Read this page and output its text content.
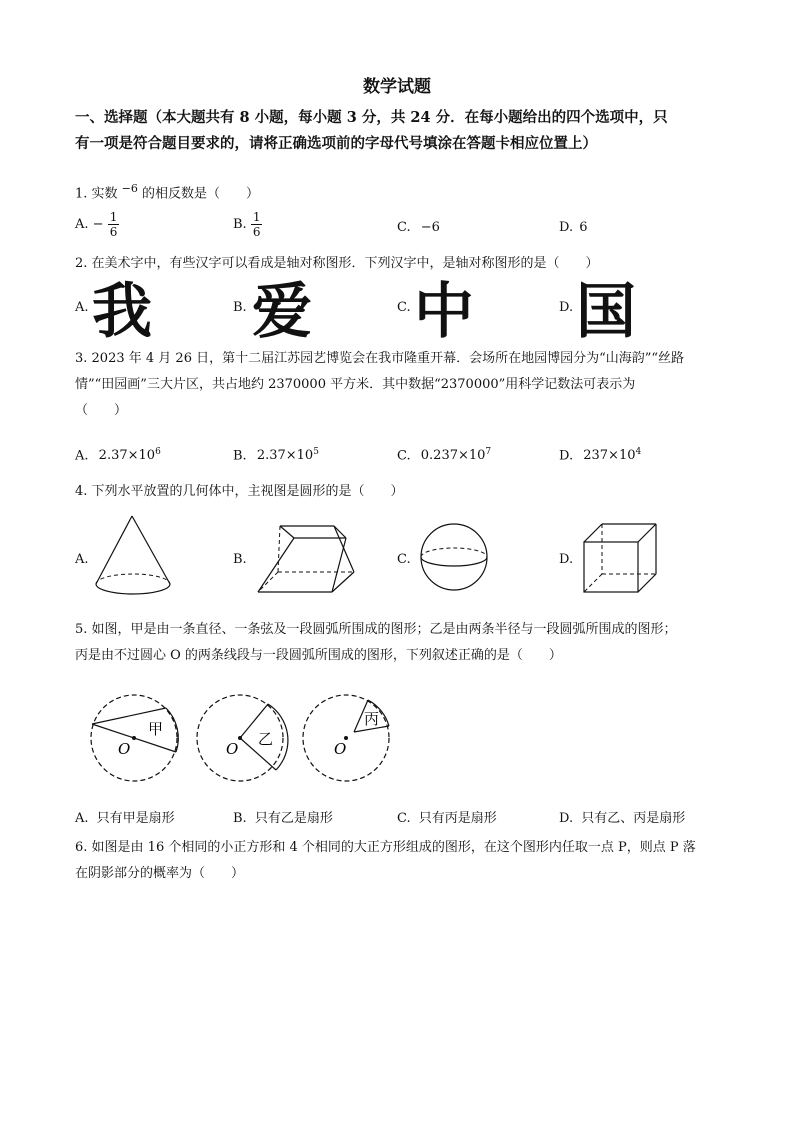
数学试题
一、选择题（本大题共有 8 小题，每小题 3 分，共 24 分．在每小题给出的四个选项中，只
有一项是符合题目要求的，请将正确选项前的字母代号填涂在答题卡相应位置上）
1. 实数 $^{-6}$ 的相反数是（　　）
A. − $\frac{1}{6}$	B. $\frac{1}{6}$	C. −6	D. 6
2. 在美术字中，有些汉字可以看成是轴对称图形．下列汉字中，是轴对称图形的是（　　）
A. 我	B. 爱	C. 中	D. 国
3. 2023 年 4 月 26 日，第十二届江苏园艺博览会在我市隆重开幕．会场所在地园博园分为“山海韵”“丝路
情”“田园画”三大片区，共占地约 2370000 平方米．其中数据“2370000”用科学记数法可表示为
（　　）
A. $2.37\times 10^6$	B. $2.37\times 10^5$	C. $0.237\times 10^7$	D. $237\times 10^4$
4. 下列水平放置的几何体中，主视图是圆形的是（　　）
A.	B.	C.	D.
5. 如图，甲是由一条直径、一条弦及一段圆弧所围成的图形；乙是由两条半径与一段圆弧所围成的图形；
丙是由不过圆心 O 的两条线段与一段圆弧所围成的图形，下列叙述正确的是（　　）
甲
O
乙
O
丙
O
A. 只有甲是扇形	B. 只有乙是扇形	C. 只有丙是扇形	D. 只有乙、丙是扇形
6. 如图是由 16 个相同的小正方形和 4 个相同的大正方形组成的图形，在这个图形内任取一点 P，则点 P 落
在阴影部分的概率为（　　）
